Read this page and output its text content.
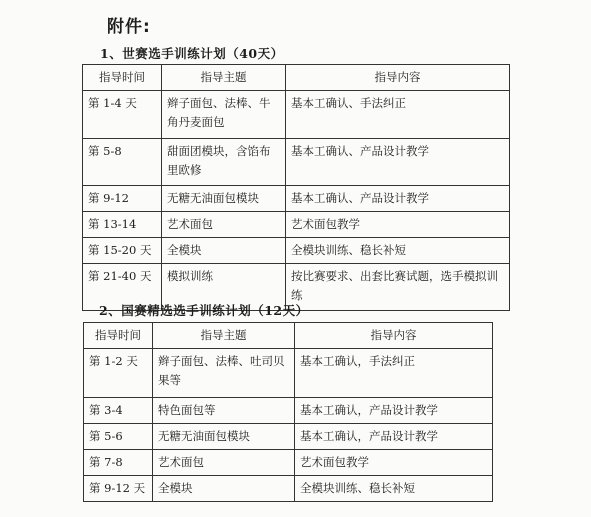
附件:
1、世赛选手训练计划（40天）
指导时间	指导主题	指导内容
第 1-4 天	辫子面包、法棒、牛角丹麦面包	基本工确认、手法纠正
第 5-8	甜面团模块，含馅布里欧修	基本工确认、产品设计教学
第 9-12	无糖无油面包模块	基本工确认、产品设计教学
第 13-14	艺术面包	艺术面包教学
第 15-20 天	全模块	全模块训练、稳长补短
第 21-40 天	模拟训练	按比赛要求、出套比赛试题，选手模拟训练
2、国赛精选选手训练计划（12天）
指导时间	指导主题	指导内容
第 1-2 天	辫子面包、法棒、吐司贝果等	基本工确认，手法纠正
第 3-4	特色面包等	基本工确认，产品设计教学
第 5-6	无糖无油面包模块	基本工确认，产品设计教学
第 7-8	艺术面包	艺术面包教学
第 9-12 天	全模块	全模块训练、稳长补短
